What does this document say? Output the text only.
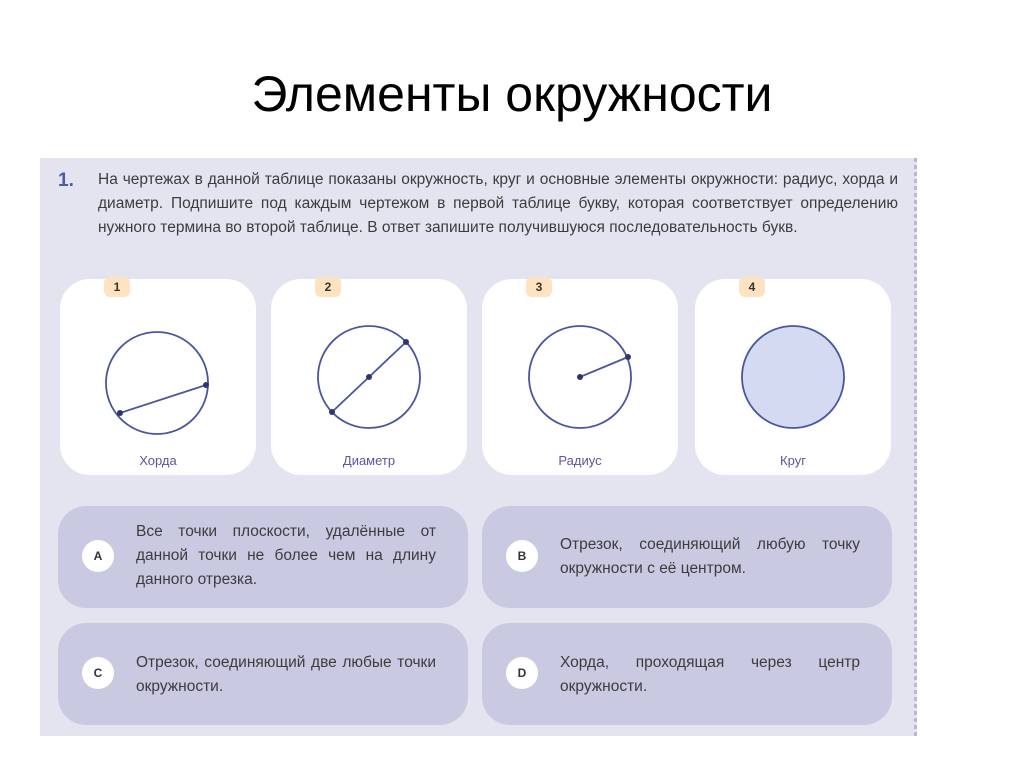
Элементы окружности
1. На чертежах в данной таблице показаны окружность, круг и основные элементы окружности: радиус, хорда и диаметр. Подпишите под каждым чертежом в первой таблице букву, которая соответствует определению нужного термина во второй таблице. В ответ запишите получившуюся последовательность букв.
1
Хорда
2
Диаметр
3
Радиус
4
Круг
A
Все точки плоскости, удалённые от данной точки не более чем на длину данного отрезка.
B
Отрезок, соединяющий любую точку окружности с её центром.
C
Отрезок, соединяющий две любые точки окружности.
D
Хорда, проходящая через центр окружности.
